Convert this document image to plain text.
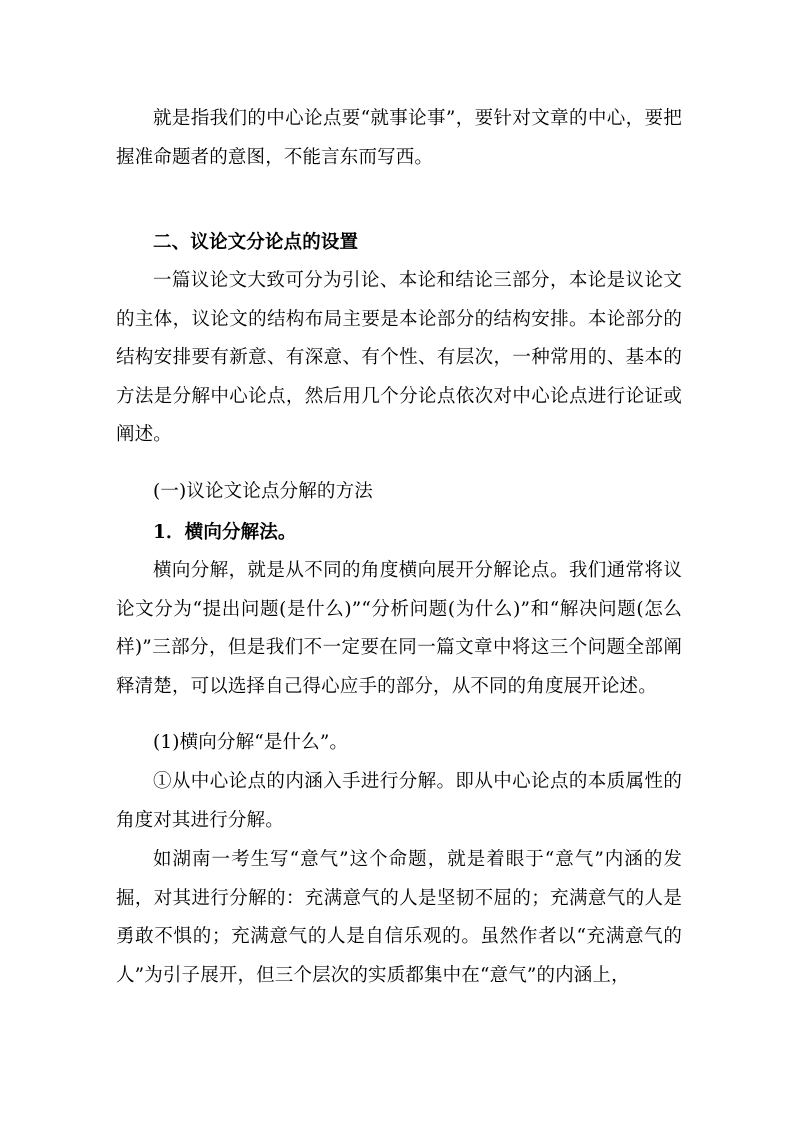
就是指我们的中心论点要“就事论事”，要针对文章的中心，要把握准命题者的意图，不能言东而写西。

二、议论文分论点的设置

一篇议论文大致可分为引论、本论和结论三部分，本论是议论文的主体，议论文的结构布局主要是本论部分的结构安排。本论部分的结构安排要有新意、有深意、有个性、有层次，一种常用的、基本的方法是分解中心论点，然后用几个分论点依次对中心论点进行论证或阐述。

(一)议论文论点分解的方法

1．横向分解法。

横向分解，就是从不同的角度横向展开分解论点。我们通常将议论文分为“提出问题(是什么)”“分析问题(为什么)”和“解决问题(怎么样)”三部分，但是我们不一定要在同一篇文章中将这三个问题全部阐释清楚，可以选择自己得心应手的部分，从不同的角度展开论述。

(1)横向分解“是什么”。

①从中心论点的内涵入手进行分解。即从中心论点的本质属性的角度对其进行分解。

如湖南一考生写“意气”这个命题，就是着眼于“意气”内涵的发掘，对其进行分解的：充满意气的人是坚韧不屈的；充满意气的人是勇敢不惧的；充满意气的人是自信乐观的。虽然作者以“充满意气的人”为引子展开，但三个层次的实质都集中在“意气”的内涵上，
